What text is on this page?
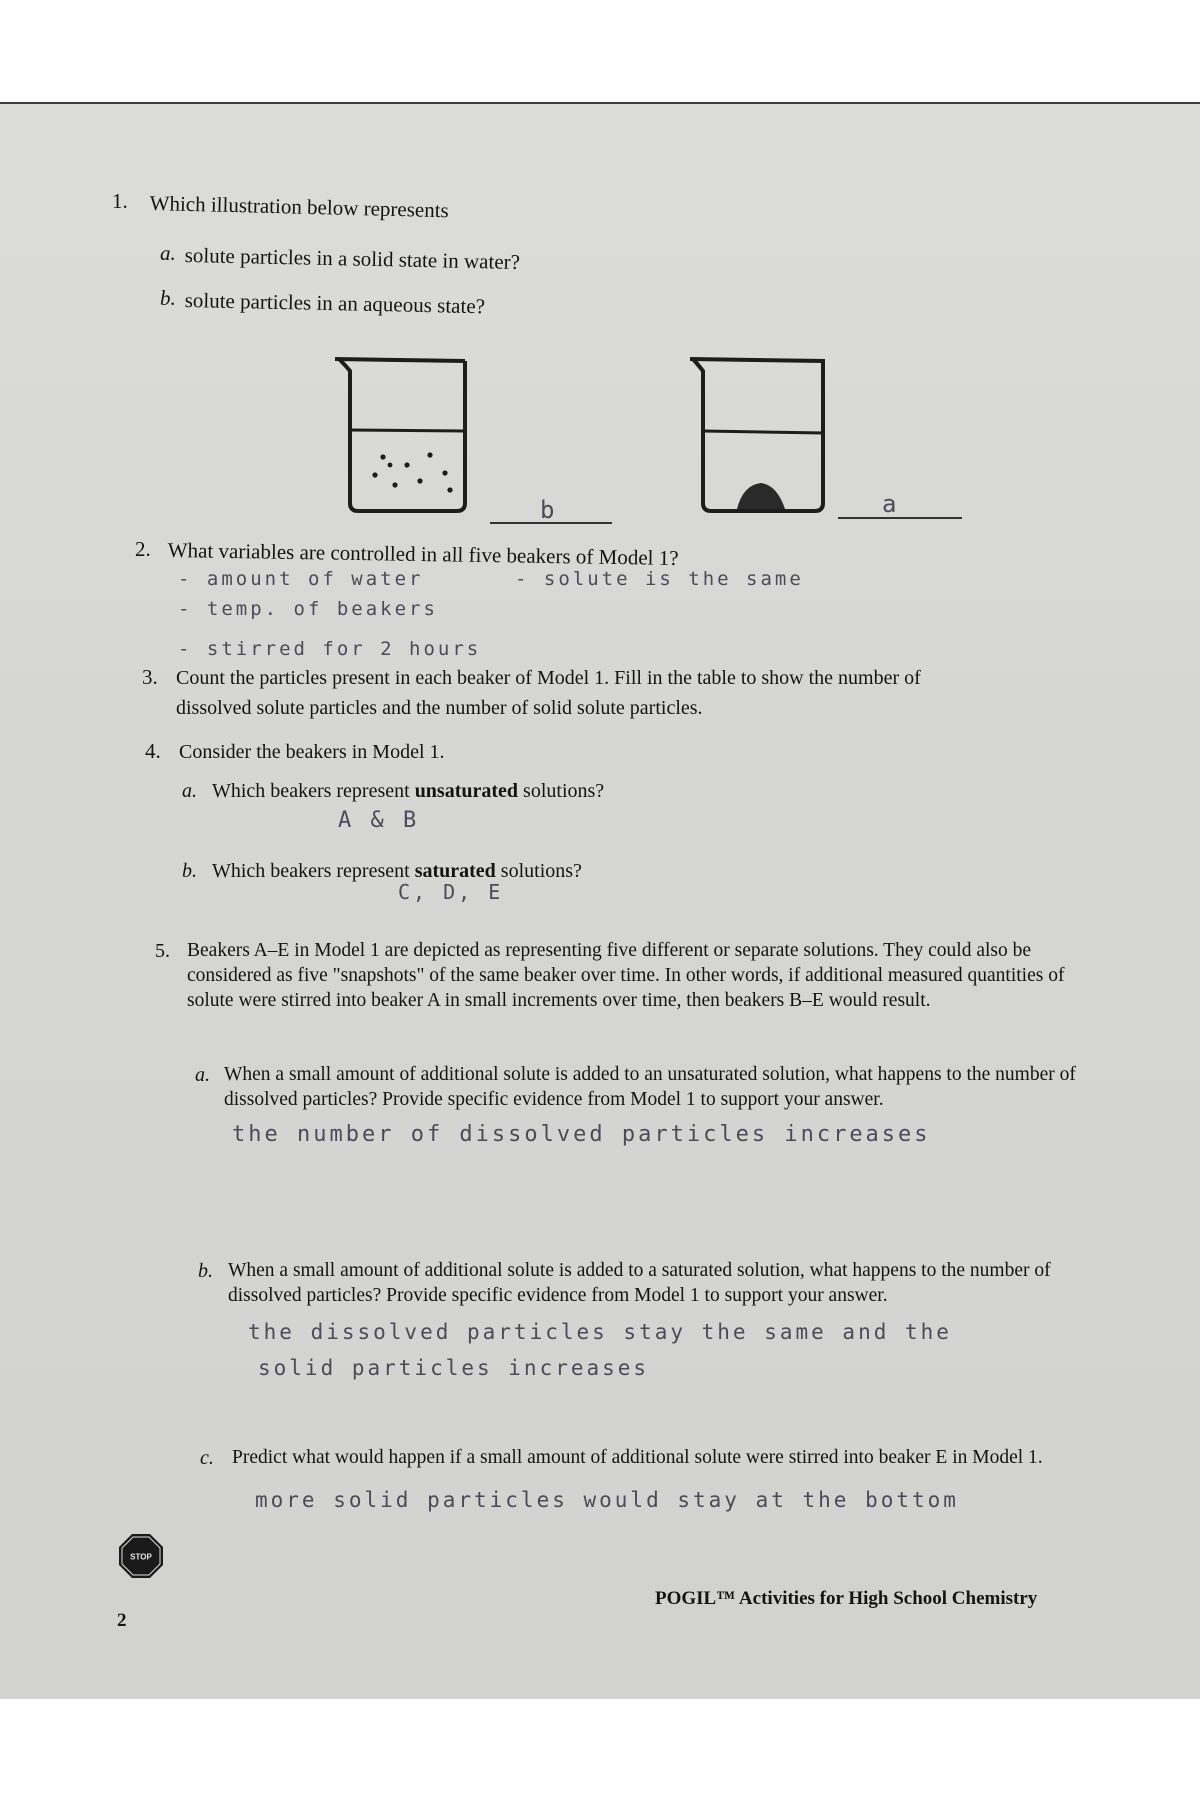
1. Which illustration below represents
a. solute particles in a solid state in water?
b. solute particles in an aqueous state?
b	a
2. What variables are controlled in all five beakers of Model 1?
- amount of water	- solute is the same
- temp. of beakers
- stirred for 2 hours
3. Count the particles present in each beaker of Model 1. Fill in the table to show the number of
dissolved solute particles and the number of solid solute particles.
4. Consider the beakers in Model 1.
a. Which beakers represent unsaturated solutions?
A & B
b. Which beakers represent saturated solutions?
C, D, E
5. Beakers A–E in Model 1 are depicted as representing five different or separate solutions. They could also be considered as five "snapshots" of the same beaker over time. In other words, if additional measured quantities of solute were stirred into beaker A in small increments over time, then beakers B–E would result.
a. When a small amount of additional solute is added to an unsaturated solution, what happens to the number of dissolved particles? Provide specific evidence from Model 1 to support your answer.
the number of dissolved particles increases
b. When a small amount of additional solute is added to a saturated solution, what happens to the number of dissolved particles? Provide specific evidence from Model 1 to support your answer.
the dissolved particles stay the same and the
solid particles increases
c. Predict what would happen if a small amount of additional solute were stirred into beaker E in Model 1.
more solid particles would stay at the bottom
STOP
2
POGIL™ Activities for High School Chemistry
